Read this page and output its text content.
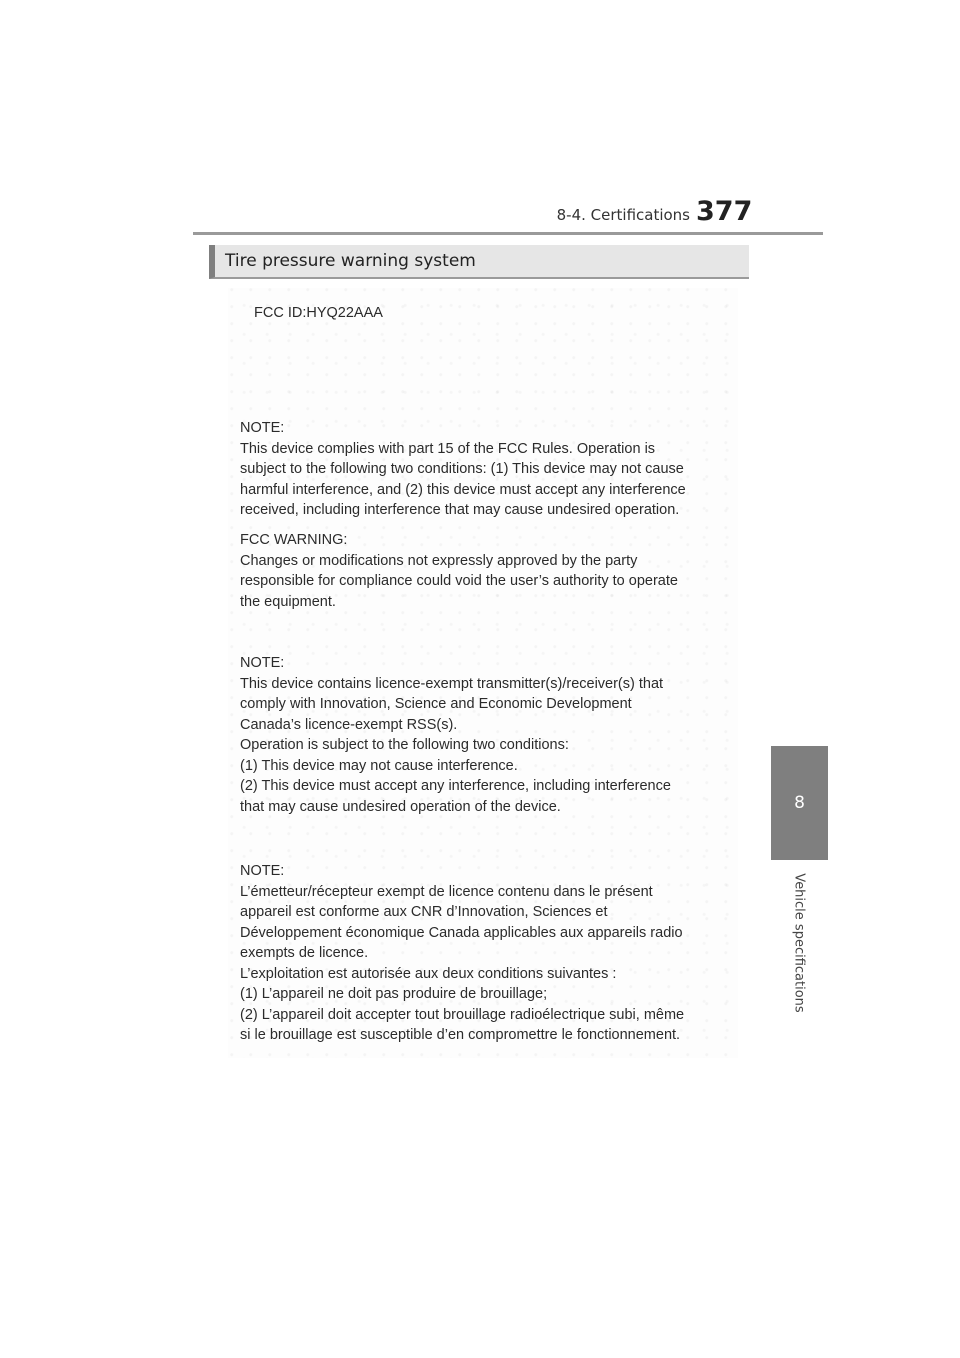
8-4. Certifications 377
8
Vehicle specifications
Tire pressure warning system
FCC ID:HYQ22AAA
NOTE:
This device complies with part 15 of the FCC Rules. Operation is
subject to the following two conditions: (1) This device may not cause
harmful interference, and (2) this device must accept any interference
received, including interference that may cause undesired operation.
FCC WARNING:
Changes or modifications not expressly approved by the party
responsible for compliance could void the user’s authority to operate
the equipment.
NOTE:
This device contains licence-exempt transmitter(s)/receiver(s) that
comply with Innovation, Science and Economic Development
Canada’s licence-exempt RSS(s).
Operation is subject to the following two conditions:
(1) This device may not cause interference.
(2) This device must accept any interference, including interference
that may cause undesired operation of the device.
NOTE:
L’émetteur/récepteur exempt de licence contenu dans le présent
appareil est conforme aux CNR d’Innovation, Sciences et
Développement économique Canada applicables aux appareils radio
exempts de licence.
L’exploitation est autorisée aux deux conditions suivantes :
(1) L’appareil ne doit pas produire de brouillage;
(2) L’appareil doit accepter tout brouillage radioélectrique subi, même
si le brouillage est susceptible d’en compromettre le fonctionnement.
